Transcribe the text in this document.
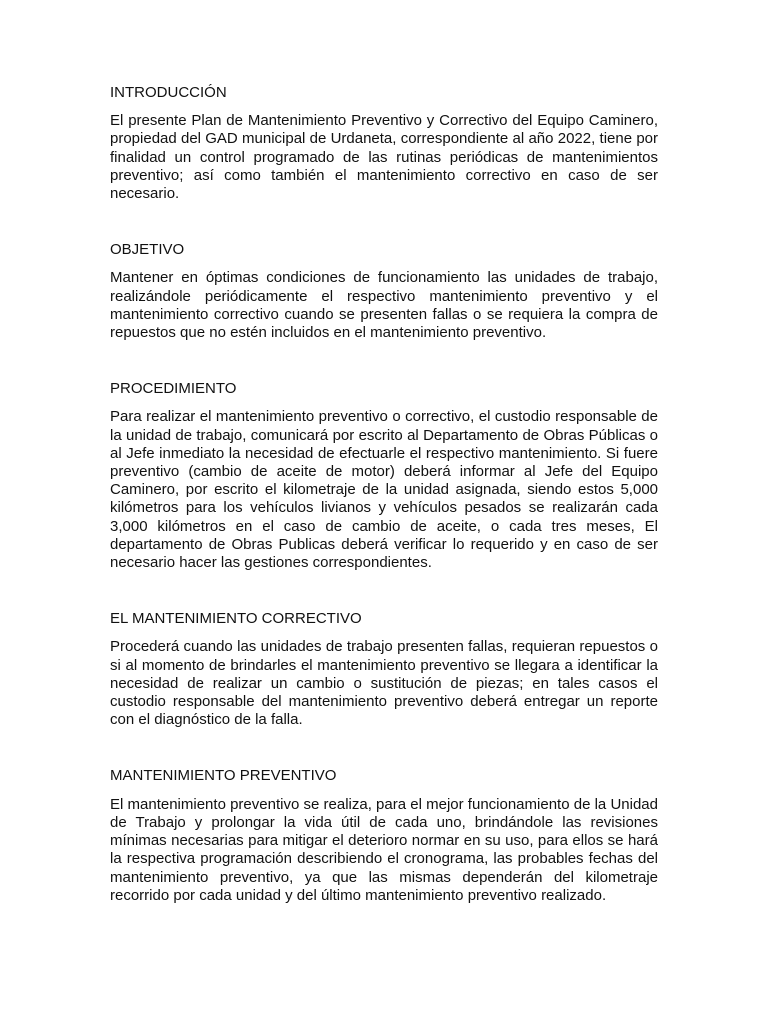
INTRODUCCIÓN

El presente Plan de Mantenimiento Preventivo y Correctivo del Equipo Caminero, propiedad del GAD municipal de Urdaneta, correspondiente al año 2022, tiene por finalidad un control programado de las rutinas periódicas de mantenimientos preventivo; así como también el mantenimiento correctivo en caso de ser necesario.

OBJETIVO

Mantener en óptimas condiciones de funcionamiento las unidades de trabajo, realizándole periódicamente el respectivo mantenimiento preventivo y el mantenimiento correctivo cuando se presenten fallas o se requiera la compra de repuestos que no estén incluidos en el mantenimiento preventivo.

PROCEDIMIENTO

Para realizar el mantenimiento preventivo o correctivo, el custodio responsable de la unidad de trabajo, comunicará por escrito al Departamento de Obras Públicas o al Jefe inmediato la necesidad de efectuarle el respectivo mantenimiento. Si fuere preventivo (cambio de aceite de motor) deberá informar al Jefe del Equipo Caminero, por escrito el kilometraje de la unidad asignada, siendo estos 5,000 kilómetros para los vehículos livianos y vehículos pesados se realizarán cada 3,000 kilómetros en el caso de cambio de aceite, o cada tres meses, El departamento de Obras Publicas deberá verificar lo requerido y en caso de ser necesario hacer las gestiones correspondientes.

EL MANTENIMIENTO CORRECTIVO

Procederá cuando las unidades de trabajo presenten fallas, requieran repuestos o si al momento de brindarles el mantenimiento preventivo se llegara a identificar la necesidad de realizar un cambio o sustitución de piezas; en tales casos el custodio responsable del mantenimiento preventivo deberá entregar un reporte con el diagnóstico de la falla.

MANTENIMIENTO PREVENTIVO

El mantenimiento preventivo se realiza, para el mejor funcionamiento de la Unidad de Trabajo y prolongar la vida útil de cada uno, brindándole las revisiones mínimas necesarias para mitigar el deterioro normar en su uso, para ellos se hará la respectiva programación describiendo el cronograma, las probables fechas del mantenimiento preventivo, ya que las mismas dependerán del kilometraje recorrido por cada unidad y del último mantenimiento preventivo realizado.
